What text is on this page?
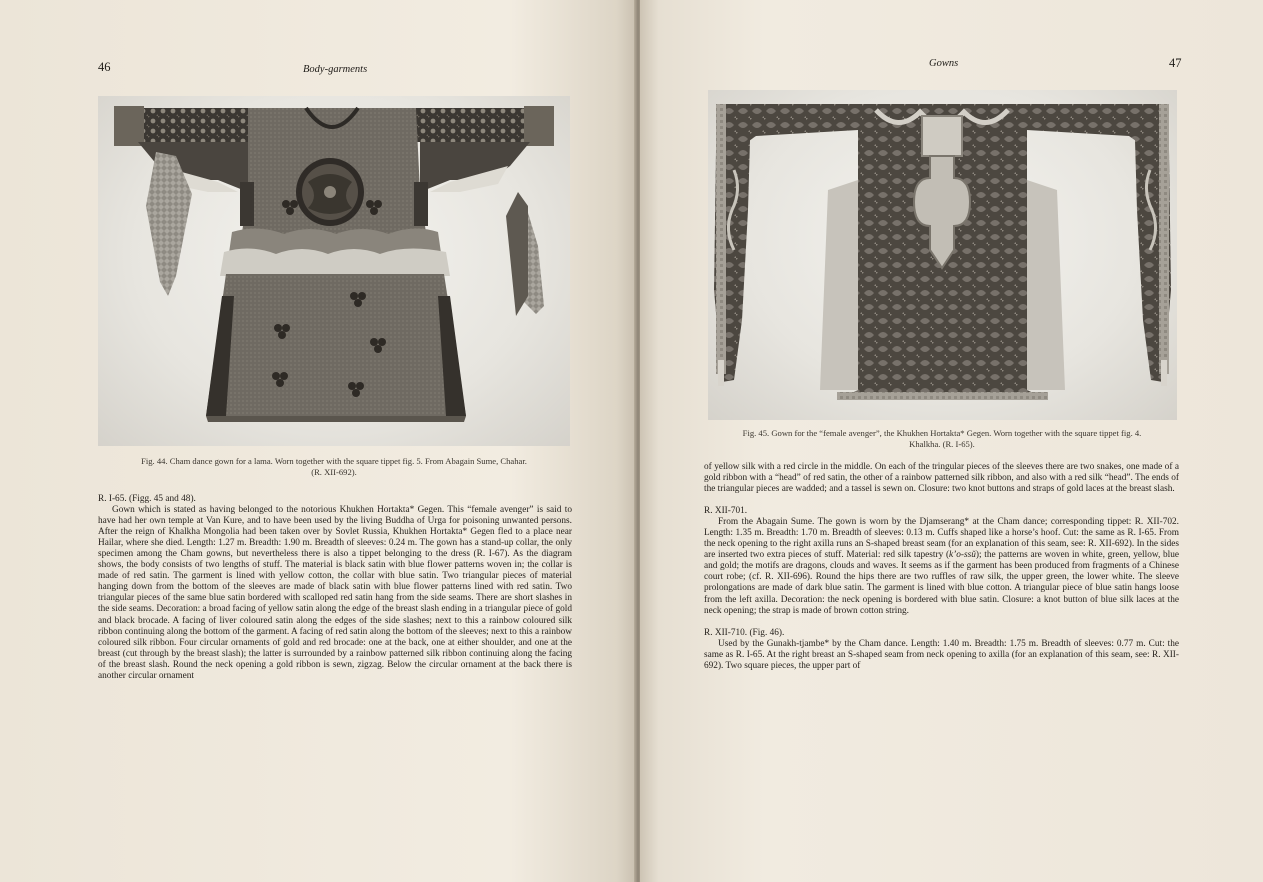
46	Body-garments
Fig. 44. Cham dance gown for a lama. Worn together with the square tippet fig. 5. From Abagain Sume, Chahar.
(R. XII-692).

R. I-65. (Figg. 45 and 48).

Gown which is stated as having belonged to the notorious Khukhen Hortakta* Gegen. This “female avenger” is said to have had her own temple at Van Kure, and to have been used by the living Buddha of Urga for poisoning unwanted persons. After the reign of Khalkha Mongolia had been taken over by Sovlet Russia, Khukhen Hortakta* Gegen fled to a place near Hailar, where she died. Length: 1.27 m. Breadth: 1.90 m. Breadth of sleeves: 0.24 m. The gown has a stand-up collar, the only specimen among the Cham gowns, but nevertheless there is also a tippet belonging to the dress (R. I-67). As the diagram shows, the body consists of two lengths of stuff. The material is black satin with blue flower patterns woven in; the collar is made of red satin. The garment is lined with yellow cotton, the collar with blue satin. Two triangular pieces of material hanging down from the bottom of the sleeves are made of black satin with blue flower patterns lined with red satin. Two triangular pieces of the same blue satin bordered with scalloped red satin hang from the side seams. There are short slashes in the side seams. Decoration: a broad facing of yellow satin along the edge of the breast slash ending in a triangular piece of gold and black brocade. A facing of liver coloured satin along the edges of the side slashes; next to this a rainbow coloured silk ribbon continuing along the bottom of the garment. A facing of red satin along the bottom of the sleeves; next to this a rainbow coloured silk ribbon. Four circular ornaments of gold and red brocade: one at the back, one at either shoulder, and one at the breast (cut through by the breast slash); the latter is surrounded by a rainbow patterned silk ribbon continuing along the facing of the breast slash. Round the neck opening a gold ribbon is sewn, zigzag. Below the circular ornament at the back there is another circular ornament

Gowns	47
Fig. 45. Gown for the “female avenger”, the Khukhen Hortakta* Gegen. Worn together with the square tippet fig. 4.
Khalkha. (R. I-65).

of yellow silk with a red circle in the middle. On each of the tringular pieces of the sleeves there are two snakes, one made of a gold ribbon with a “head” of red satin, the other of a rainbow patterned silk ribbon, and also with a red silk “head”. The ends of the triangular pieces are wadded; and a tassel is sewn on. Closure: two knot buttons and straps of gold laces at the breast slash.

R. XII-701.

From the Abagain Sume. The gown is worn by the Djamserang* at the Cham dance; corresponding tippet: R. XII-702. Length: 1.35 m. Breadth: 1.70 m. Breadth of sleeves: 0.13 m. Cuffs shaped like a horse’s hoof. Cut: the same as R. I-65. From the neck opening to the right axilla runs an S-shaped breast seam (for an explanation of this seam, see: R. XII-692). In the sides are inserted two extra pieces of stuff. Material: red silk tapestry (k’o-ssŭ); the patterns are woven in white, green, yellow, blue and gold; the motifs are dragons, clouds and waves. It seems as if the garment has been produced from fragments of a Chinese court robe; (cf. R. XII-696). Round the hips there are two ruffles of raw silk, the upper green, the lower white. The sleeve prolongations are made of dark blue satin. The garment is lined with blue cotton. A triangular piece of blue satin hangs loose from the left axilla. Decoration: the neck opening is bordered with blue satin. Closure: a knot button of blue silk laces at the neck opening; the strap is made of brown cotton string.

R. XII-710. (Fig. 46).

Used by the Gunakh-tjambe* by the Cham dance. Length: 1.40 m. Breadth: 1.75 m. Breadth of sleeves: 0.77 m. Cut: the same as R. I-65. At the right breast an S-shaped seam from neck opening to axilla (for an explanation of this seam, see: R. XII-692). Two square pieces, the upper part of
